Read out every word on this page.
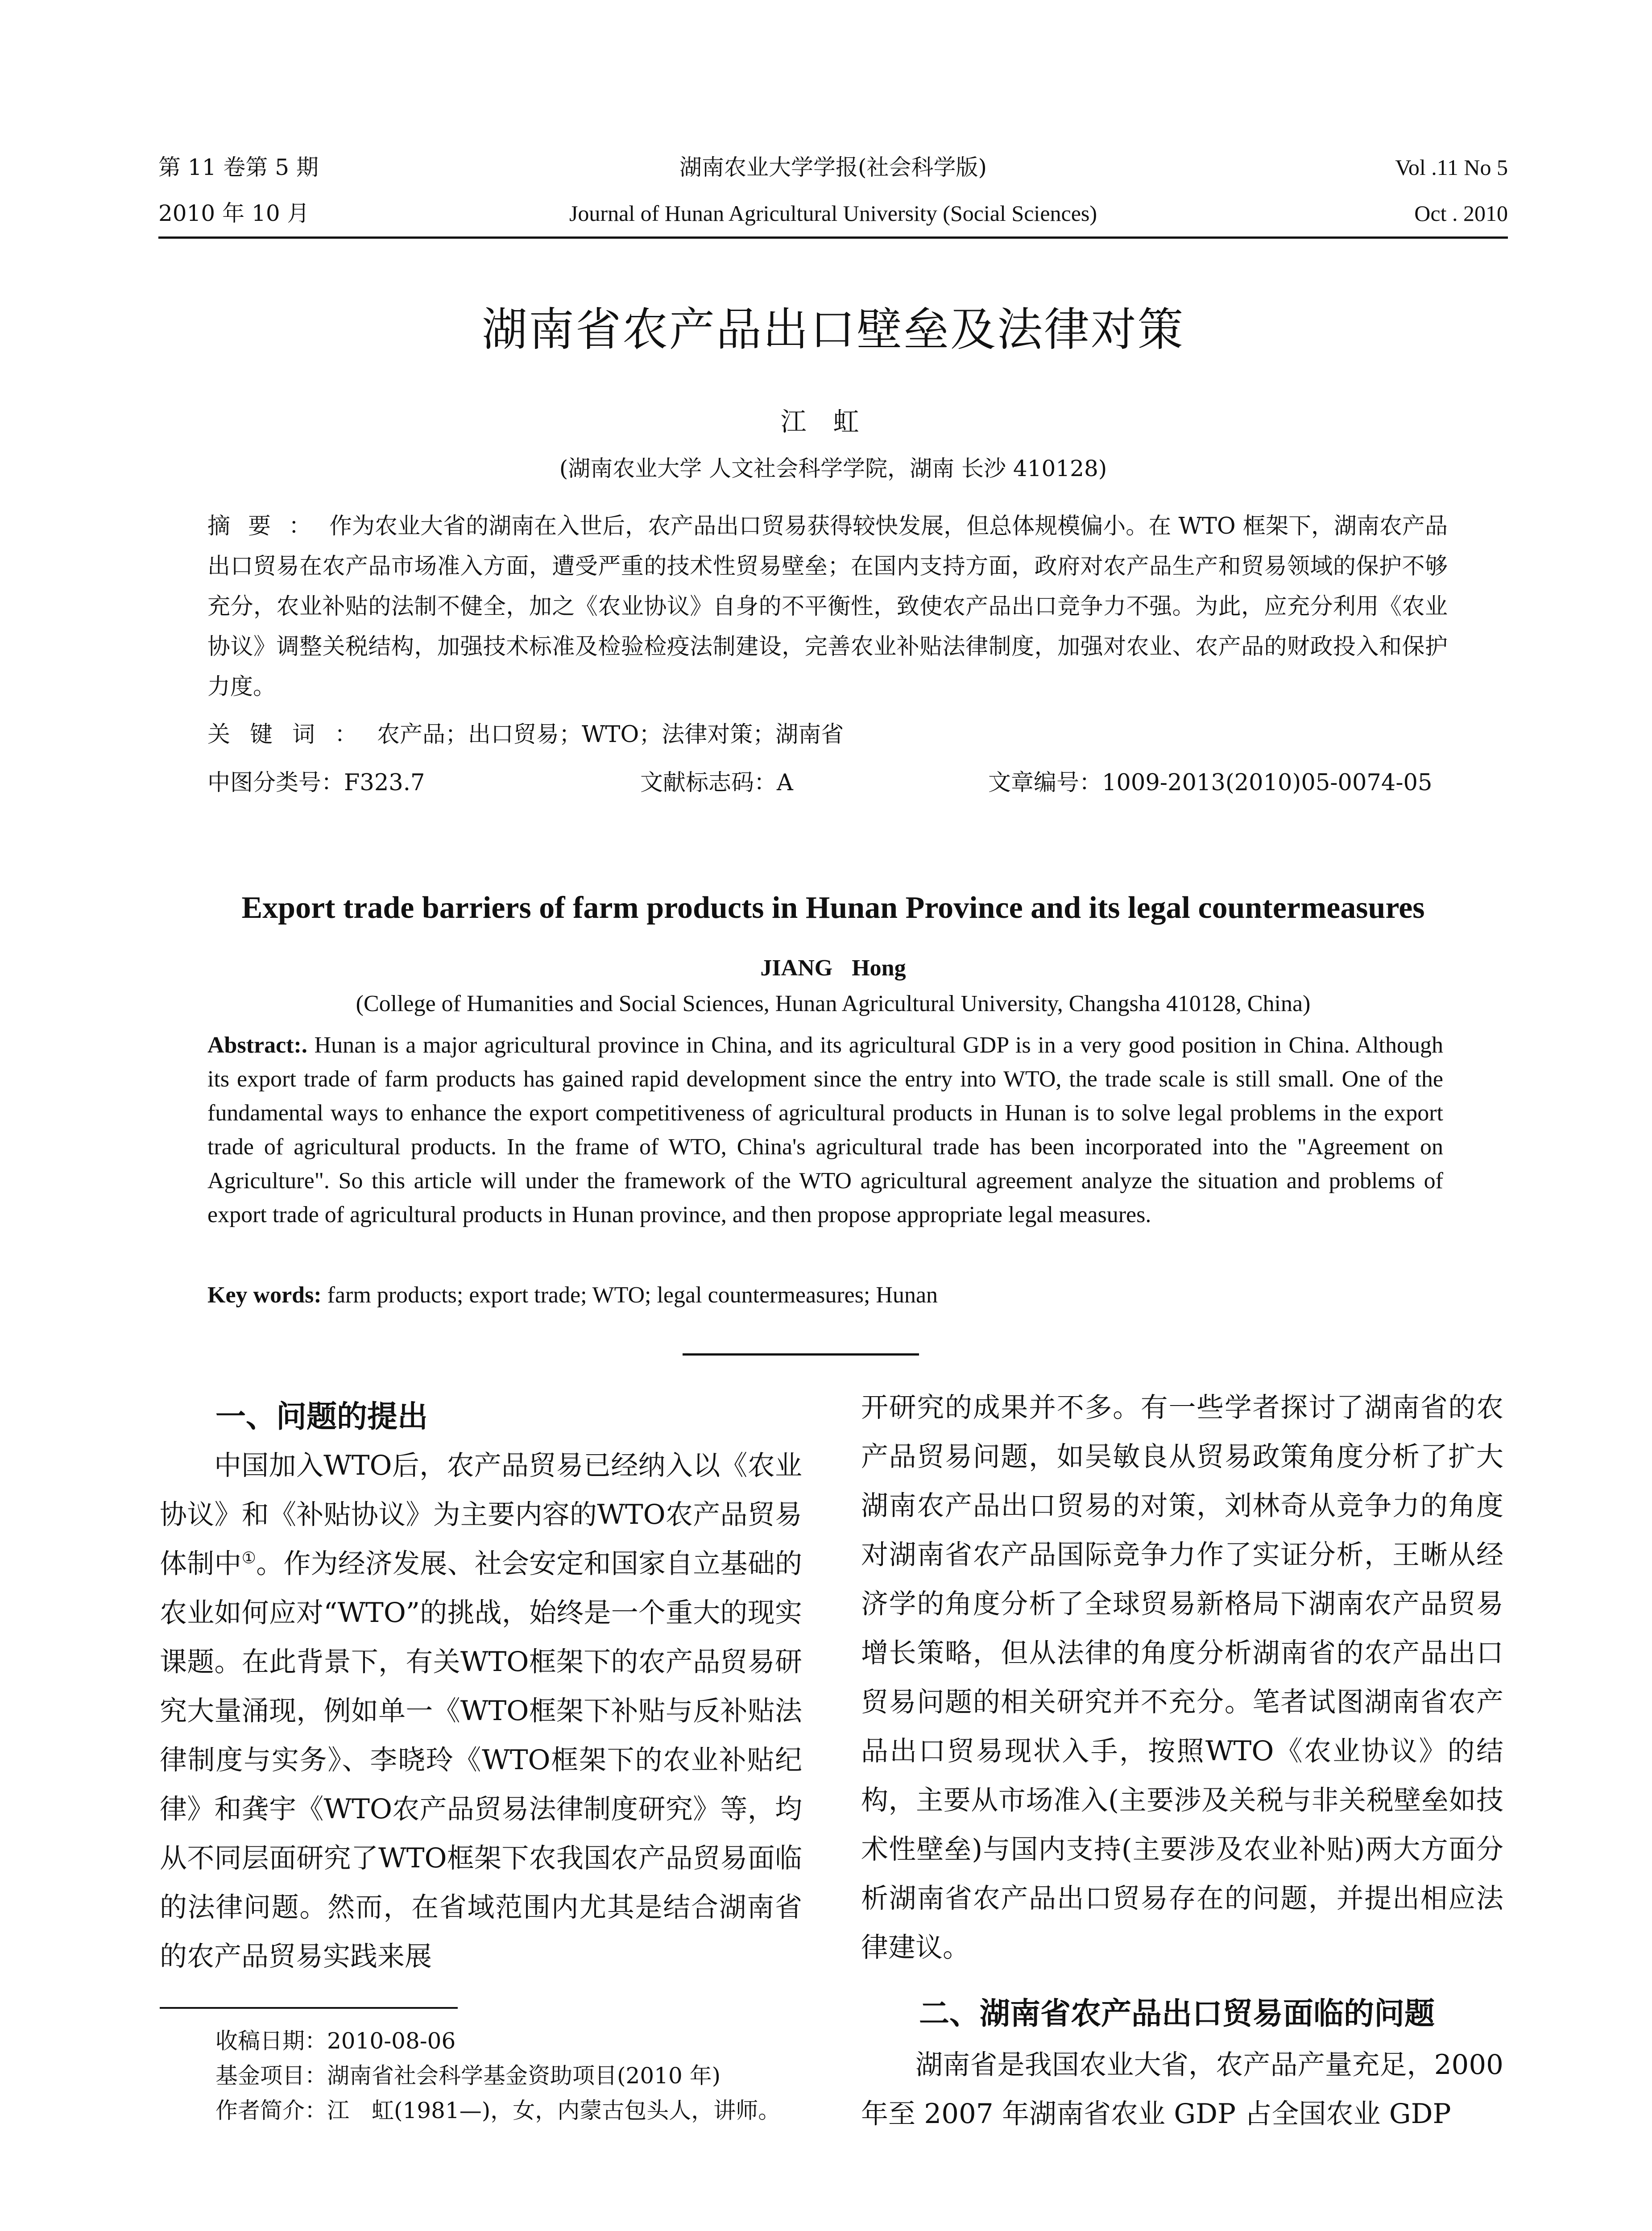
第 11 卷第 5 期	湖南农业大学学报(社会科学版)	Vol .11 No 5
2010 年 10 月	Journal of Hunan Agricultural University (Social Sciences)	Oct . 2010
湖南省农产品出口壁垒及法律对策
江虹
(湖南农业大学 人文社会科学学院，湖南 长沙 410128)

摘要：作为农业大省的湖南在入世后，农产品出口贸易获得较快发展，但总体规模偏小。在 WTO 框架下，湖南农产品出口贸易在农产品市场准入方面，遭受严重的技术性贸易壁垒；在国内支持方面，政府对农产品生产和贸易领域的保护不够充分，农业补贴的法制不健全，加之《农业协议》自身的不平衡性，致使农产品出口竞争力不强。为此，应充分利用《农业协议》调整关税结构，加强技术标准及检验检疫法制建设，完善农业补贴法律制度，加强对农业、农产品的财政投入和保护力度。

关键词：农产品；出口贸易；WTO；法律对策；湖南省
中图分类号：F323.7	文献标志码：A	文章编号：1009-2013(2010)05-0074-05
Export trade barriers of farm products in Hunan Province and its legal countermeasures
JIANG Hong
(College of Humanities and Social Sciences, Hunan Agricultural University, Changsha 410128, China)

Abstract:. Hunan is a major agricultural province in China, and its agricultural GDP is in a very good position in China. Although its export trade of farm products has gained rapid development since the entry into WTO, the trade scale is still small. One of the fundamental ways to enhance the export competitiveness of agricultural products in Hunan is to solve legal problems in the export trade of agricultural products. In the frame of WTO, China's agricultural trade has been incorporated into the "Agreement on Agriculture". So this article will under the framework of the WTO agricultural agreement analyze the situation and problems of export trade of agricultural products in Hunan province, and then propose appropriate legal measures.

Key words: farm products; export trade; WTO; legal countermeasures; Hunan
一、问题的提出

中国加入WTO后，农产品贸易已经纳入以《农业协议》和《补贴协议》为主要内容的WTO农产品贸易体制中①。作为经济发展、社会安定和国家自立基础的农业如何应对“WTO”的挑战，始终是一个重大的现实课题。在此背景下，有关WTO框架下的农产品贸易研究大量涌现，例如单一《WTO框架下补贴与反补贴法律制度与实务》、李晓玲《WTO框架下的农业补贴纪律》和龚宇《WTO农产品贸易法律制度研究》等，均从不同层面研究了WTO框架下农我国农产品贸易面临的法律问题。然而，在省域范围内尤其是结合湖南省的农产品贸易实践来展

开研究的成果并不多。有一些学者探讨了湖南省的农产品贸易问题，如吴敏良从贸易政策角度分析了扩大湖南农产品出口贸易的对策，刘林奇从竞争力的角度对湖南省农产品国际竞争力作了实证分析，王晰从经济学的角度分析了全球贸易新格局下湖南农产品贸易增长策略，但从法律的角度分析湖南省的农产品出口贸易问题的相关研究并不充分。笔者试图湖南省农产品出口贸易现状入手，按照WTO《农业协议》的结构，主要从市场准入(主要涉及关税与非关税壁垒如技术性壁垒)与国内支持(主要涉及农业补贴)两大方面分析湖南省农产品出口贸易存在的问题，并提出相应法律建议。

二、湖南省农产品出口贸易面临的问题

湖南省是我国农业大省，农产品产量充足，2000 年至 2007 年湖南省农业 GDP 占全国农业 GDP

收稿日期：2010-08-06
基金项目：湖南省社会科学基金资助项目(2010 年)
作者简介：江　虹(1981—)，女，内蒙古包头人，讲师。
